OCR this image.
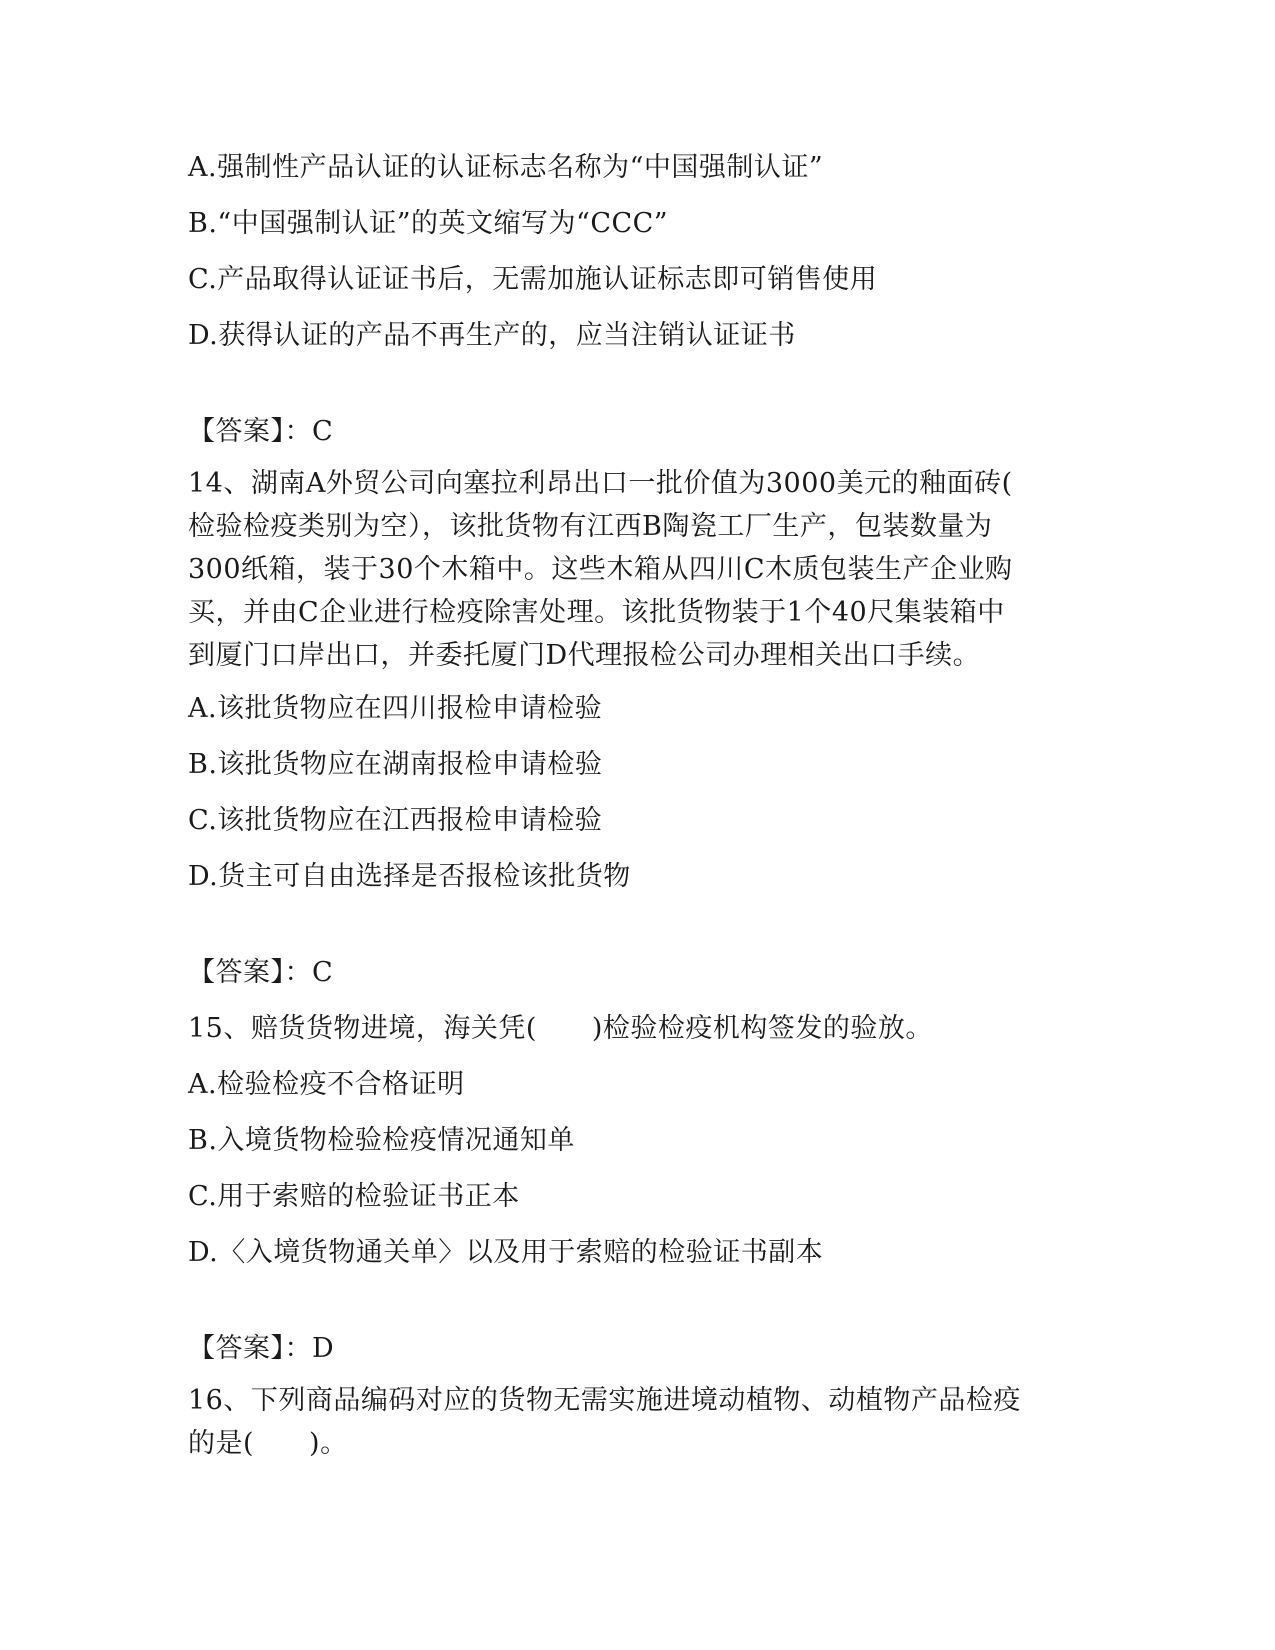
A.强制性产品认证的认证标志名称为“中国强制认证”
B.“中国强制认证”的英文缩写为“CCC”
C.产品取得认证证书后，无需加施认证标志即可销售使用
D.获得认证的产品不再生产的，应当注销认证证书
【答案】：C
14、湖南A外贸公司向塞拉利昂出口一批价值为3000美元的釉面砖(
检验检疫类别为空），该批货物有江西B陶瓷工厂生产，包装数量为
300纸箱，装于30个木箱中。这些木箱从四川C木质包装生产企业购
买，并由C企业进行检疫除害处理。该批货物装于1个40尺集装箱中
到厦门口岸出口，并委托厦门D代理报检公司办理相关出口手续。
A.该批货物应在四川报检申请检验
B.该批货物应在湖南报检申请检验
C.该批货物应在江西报检申请检验
D.货主可自由选择是否报检该批货物
【答案】：C
15、赔货货物进境，海关凭(　　)检验检疫机构签发的验放。
A.检验检疫不合格证明
B.入境货物检验检疫情况通知单
C.用于索赔的检验证书正本
D.〈入境货物通关单〉以及用于索赔的检验证书副本
【答案】：D
16、下列商品编码对应的货物无需实施进境动植物、动植物产品检疫
的是(　　)。
